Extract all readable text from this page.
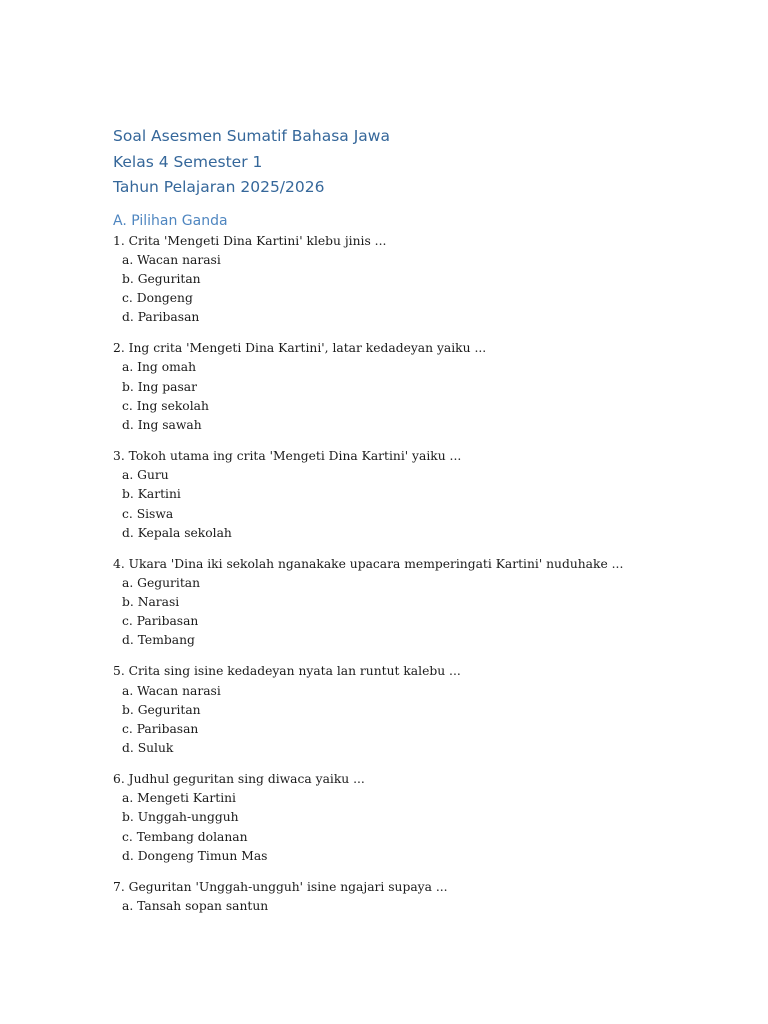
Soal Asesmen Sumatif Bahasa Jawa
Kelas 4 Semester 1
Tahun Pelajaran 2025/2026
A. Pilihan Ganda
1. Crita 'Mengeti Dina Kartini' klebu jinis ...
a. Wacan narasi
b. Geguritan
c. Dongeng
d. Paribasan
2. Ing crita 'Mengeti Dina Kartini', latar kedadeyan yaiku ...
a. Ing omah
b. Ing pasar
c. Ing sekolah
d. Ing sawah
3. Tokoh utama ing crita 'Mengeti Dina Kartini' yaiku ...
a. Guru
b. Kartini
c. Siswa
d. Kepala sekolah
4. Ukara 'Dina iki sekolah nganakake upacara memperingati Kartini' nuduhake ...
a. Geguritan
b. Narasi
c. Paribasan
d. Tembang
5. Crita sing isine kedadeyan nyata lan runtut kalebu ...
a. Wacan narasi
b. Geguritan
c. Paribasan
d. Suluk
6. Judhul geguritan sing diwaca yaiku ...
a. Mengeti Kartini
b. Unggah-ungguh
c. Tembang dolanan
d. Dongeng Timun Mas
7. Geguritan 'Unggah-ungguh' isine ngajari supaya ...
a. Tansah sopan santun
